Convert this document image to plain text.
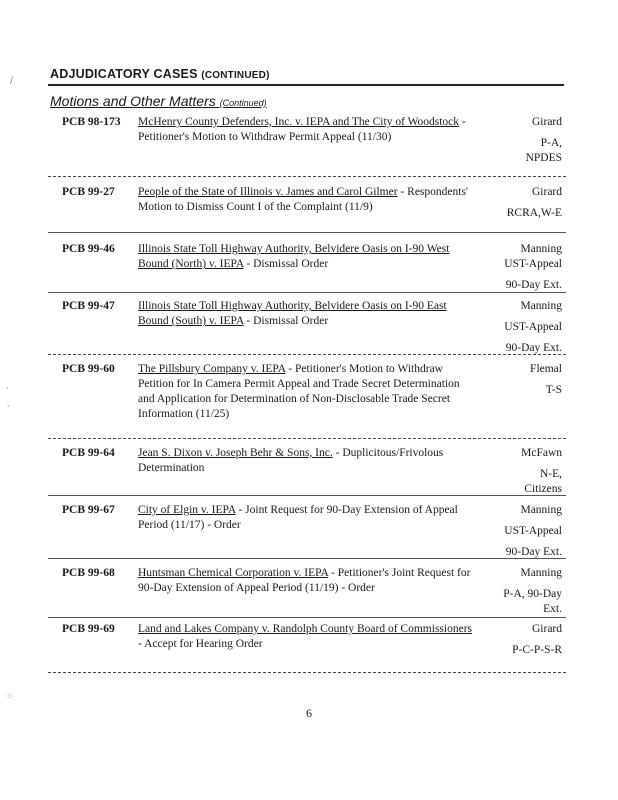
∕
⸳
⸳
⁘
ADJUDICATORY CASES (CONTINUED)
Motions and Other Matters (Continued)
PCB 98-173 McHenry County Defenders, Inc. v. IEPA and The City of Woodstock - Petitioner's Motion to Withdraw Permit Appeal (11/30)
Girard
P-A, NPDES
PCB 99-27 People of the State of Illinois v. James and Carol Gilmer - Respondents' Motion to Dismiss Count I of the Complaint (11/9)
Girard
RCRA,W-E
PCB 99-46 Illinois State Toll Highway Authority, Belvidere Oasis on I-90 West Bound (North) v. IEPA - Dismissal Order
Manning
UST-Appeal
90-Day Ext.
PCB 99-47 Illinois State Toll Highway Authority, Belvidere Oasis on I-90 East Bound (South) v. IEPA - Dismissal Order
Manning
UST-Appeal
90-Day Ext.
PCB 99-60 The Pillsbury Company v. IEPA - Petitioner's Motion to Withdraw Petition for In Camera Permit Appeal and Trade Secret Determination and Application for Determination of Non-Disclosable Trade Secret Information (11/25)
Flemal
T-S
PCB 99-64 Jean S. Dixon v. Joseph Behr & Sons, Inc. - Duplicitous/Frivolous Determination
McFawn
N-E, Citizens
PCB 99-67 City of Elgin v. IEPA - Joint Request for 90-Day Extension of Appeal Period (11/17) - Order
Manning
UST-Appeal
90-Day Ext.
PCB 99-68 Huntsman Chemical Corporation v. IEPA - Petitioner's Joint Request for 90-Day Extension of Appeal Period (11/19) - Order
Manning
P-A, 90-Day Ext.
PCB 99-69 Land and Lakes Company v. Randolph County Board of Commissioners - Accept for Hearing Order
Girard
P-C-P-S-R
6
